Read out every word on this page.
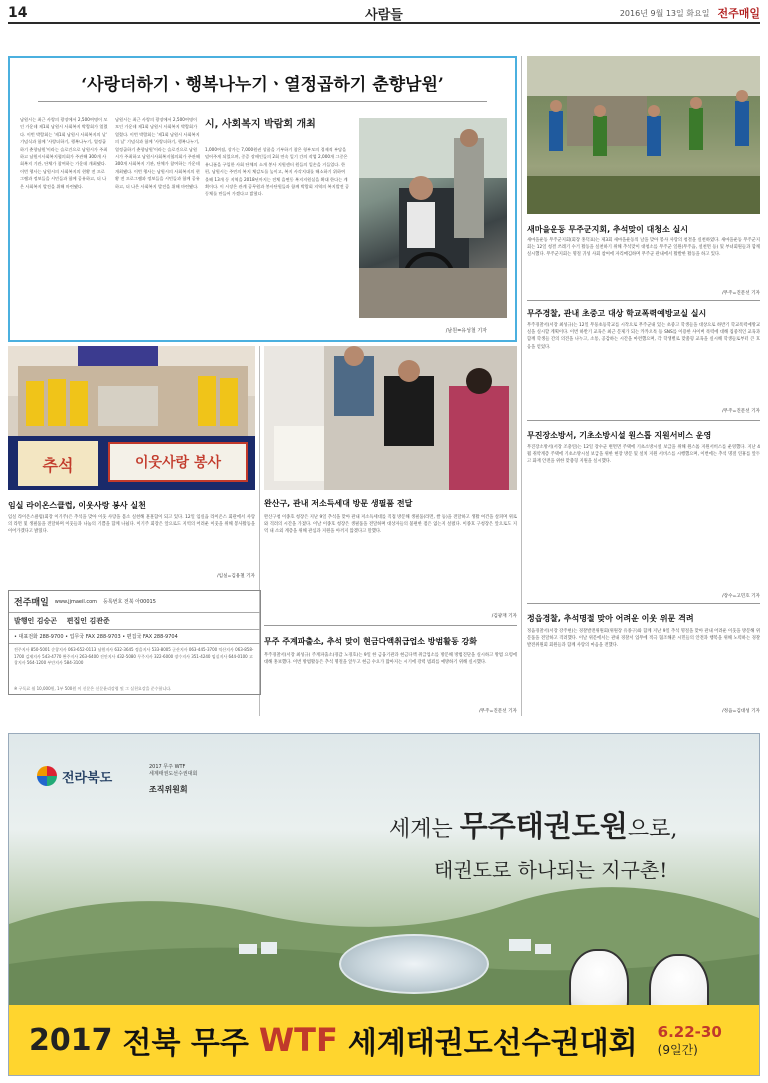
14	사람들	2016년 9월 13일 화요일 전주매일
‘사랑더하기ㆍ행복나누기ㆍ열정곱하기 춘향남원’
남원시는 최근 사랑의 광장에서 2,500여명이 모인 가운데 제1회 남원시 사회복지 박람회가 열렸다. 이번 박람회는 '제1회 남원시 사회복지의 날' 기념식과 함께 '사랑더하기, 행복나누기, 열정곱하기 춘향남원'이라는 슬로건으로 남원시가 주최하고 남원시사회복지협의회가 주관해 300개 사회복지 기관, 단체가 참여하는 가운데 개최됐다. 이번 행사는 남원시의 사회복지의 현황 전 프로그램과 정보들을 시민들과 함께 공유하고, 더 나은 사회복지 발전을 위해 마련됐다.
남원시는 최근 사랑의 광장에서 2,500여명이 모인 가운데 제1회 남원시 사회복지 박람회가 열렸다. 이번 박람회는 '제1회 남원시 사회복지의 날' 기념식과 함께 '사랑더하기, 행복나누기, 열정곱하기 춘향남원'이라는 슬로건으로 남원시가 주최하고 남원시사회복지협의회가 주관해 300개 사회복지 기관, 단체가 참여하는 가운데 개최됐다. 이번 행사는 남원시의 사회복지의 현황 전 프로그램과 정보들을 시민들과 함께 공유하고, 더 나은 사회복지 발전을 위해 마련됐다.
시, 사회복지 박람회 개최
1,000여점, 상가는 7,000원권 상품을 기부하기 참은 형부모의 경제적 부담을 덜어주게 되었으며, 중증 장애인들의 2회 연속 일기 간의 작업 2,000개 그중은 유니폼을 구입한 사회 단체의 소개 봉사 지원센터 원들의 일손을 거들었다. 한편, 남원시는 주민의 복지 체감도를 높이고, 복지 사각지대를 해소하기 위하여 올해 13개 동 지역을 2018년까지는 전체 읍면동 복지지원실을 확대 한다는 계획이다. 이 시장은 관계 공무원과 봉사단원들과 함께 박람회 지역의 복지발전 공동체를 만들어 가겠다고 밝혔다.
/남원=유성철 기자
새마을운동 무주군지회, 추석맞이 대청소 실시
새마을운동 무주군지회(회장 홍덕표)는 제3회 새마을운동의 날을 맞아 봉사 사랑의 청결을 실천하였다. 새마을운동 무주군지회는 12일 청결 쓰레기 수거 활동을 실천하기 위해 추석맞이 대청소를 무주군 일원(무주읍, 설천면 등) 및 부녀회원들과 함께 실시했다. 무주군지회는 명절 귀성 사회 참여에 자리매김하며 무주군 관내에서 활발한 활동을 하고 있다.
/무주=진문선 기자
무주경찰, 관내 초중고 대상 학교폭력예방교실 실시
무주경찰서(서장 최성규)는 12일 무풍초등학교를 시작으로 무주군내 있는 초중고 학생들을 대상으로 하반기 학교폭력예방교실을 실시할 계획이다. 이번 하반기 교육은 최근 문제가 되는 카카오톡 등 SNS를 이용한 사이버 폭력에 대해 집중적인 교육과 함께 학생들 간의 의견을 나누고, 소통, 공감하는 시간을 마련했으며, 각 학생별로 맞춤형 교육을 실시해 학생들로부터 큰 호응을 얻었다.
/무주=진문선 기자
추석	이웃사랑 봉사
임실 라이온스클럽, 이웃사랑 봉사 실천
임실 라이온스클럽(회장 이기주)은 추석을 맞아 이웃 사랑을 몸소 실천해 훈훈함이 되고 있다. 12일 임실읍 라이온스 회관에서 사랑의 라면 및 생필품을 전달하며 이웃들과 나눔의 기쁨을 함께 나눴다. 이기주 회장은 앞으로도 지역의 어려운 이웃을 위해 봉사활동을 이어가겠다고 밝혔다.
/임실=김용철 기자
완산구, 관내 저소득세대 방문 생필품 전달
완산구청 이종호 청장은 지난 9일 추석을 맞아 관내 저소득세대를 직접 방문해 생필품(라면, 쌀 등)을 전달하고 생활 여건을 살펴며 위로와 격려의 시간을 가졌다. 이날 이종호 청장은 생필품을 전달하며 대상자들의 불편한 점은 없는지 살폈다. 이종호 구청장은 앞으로도 지역 내 소외 계층을 위해 관심과 지원을 아끼지 않겠다고 말했다.
/김광재 기자
무주 주계파출소, 추석 맞이 현금다액취급업소 방범활동 강화
무주경찰서(서장 최성규) 주계파출소(경감 노경호)는 9일 한 금융기관과 현금다액 취급업소를 방문해 방범진단을 실시하고 방범 요령에 대해 홍보했다. 이번 방범활동은 추석 명절을 앞두고 현금 수요가 많아지는 시기에 강력 범죄를 예방하기 위해 실시했다.
/무주=진문선 기자
무진장소방서, 기초소방시설 원스톱 지원서비스 운영
무진장소방서(서장 조충연)는 12일 장수군 변면면 주택에 기초소방시설 보급을 위해 원스톱 지원서비스를 운영했다. 지난 4월 취약계층 주택에 기초소방시설 보급을 위한 현장 방문 및 설치 지원 서비스를 시행했으며, 이번에는 추석 명절 연휴를 앞두고 화재 안전을 위한 맞춤형 지원을 실시했다.
/장수=고민호 기자
정읍경찰, 추석명절 맞아 어려운 이웃 위문 격려
정읍경찰서(서장 강주현)는 경찰발전위원회(위원장 유종구)와 함께 지난 9일 추석 명절을 맞아 관내 어려운 이웃을 방문해 위문품을 전달하고 격려했다. 이날 위문에서는 관내 경찰서 업무에 적극 협조해준 시민들의 안전과 행복을 위해 노력하는 경찰발전위원회 회원들과 함께 사랑의 마음을 전했다.
/정읍=김대성 기자
전주매일 www.jjmaeil.com 등록번호 전북 아00015
발행인 김승곤 편집인 김관준
• 대표전화 288-9700 • 업무국 FAX 288-9703 • 편집국 FAX 288-9704
전주지사 850-5001 순창지사 063-652-0113 남원지사 632-3645 정읍지사 533-8005 군산지사 063-445-3700 익산지사 063-858-1700 김제지사 543-4770 완주지사 263-6400 진안지사 432-5080 무주지사 322-6000 장수지사 351-4240 임실지사 644-0100 고창지사 564-1200 부안지사 584-3100
※ 구독료 월 10,000원, 1부 500원 이 신문은 신문윤리강령 및 그 실천요강을 준수합니다.
전라북도
2017 무주 WTF
세계태권도선수권대회
조직위원회
세계는 무주태권도원으로,
태권도로 하나되는 지구촌!
2017 전북 무주 WTF 세계태권도선수권대회 6.22-30
(9일간)
